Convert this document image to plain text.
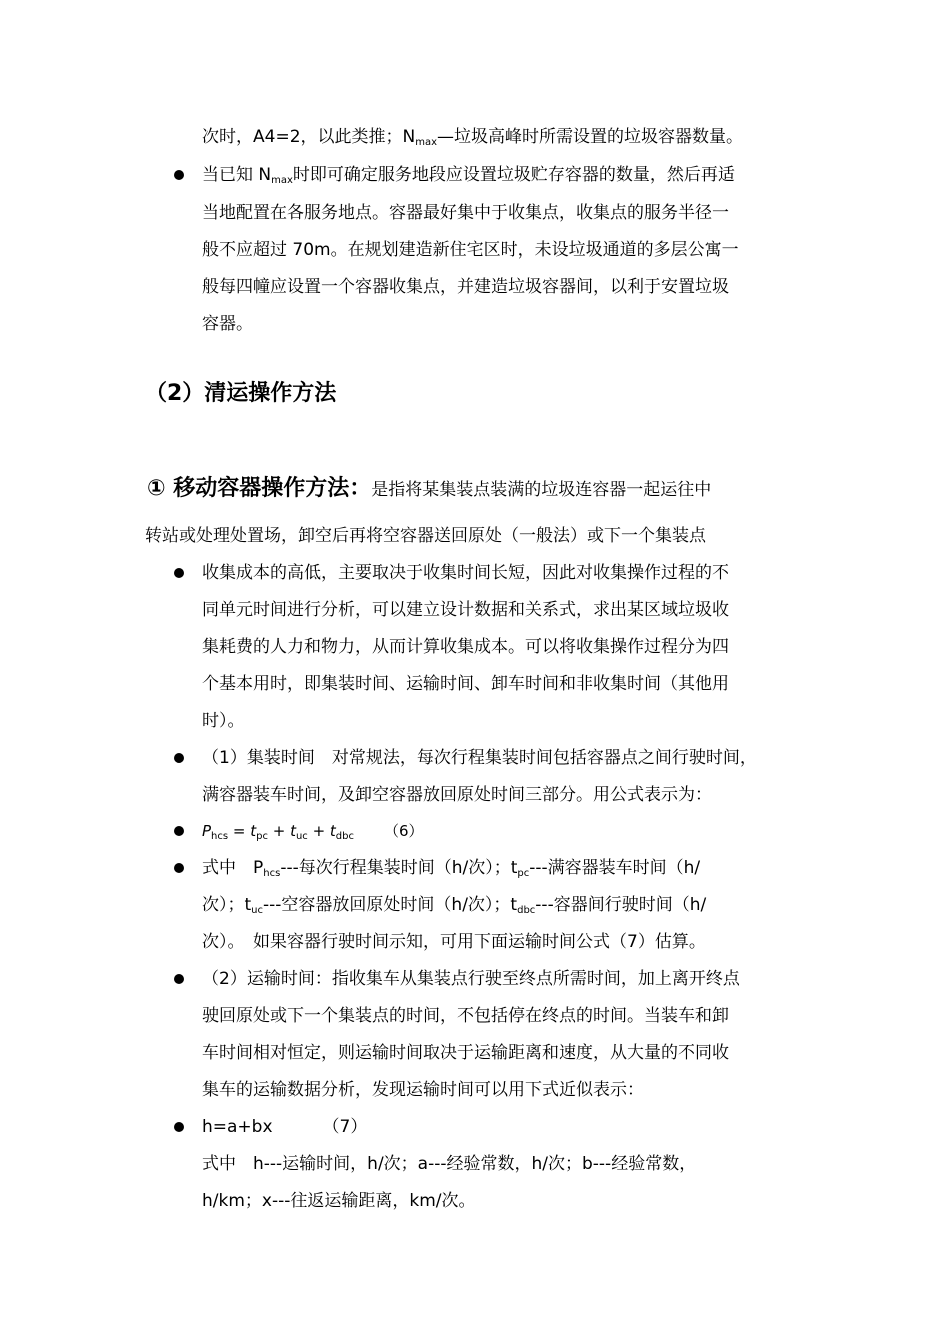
次时，A4=2，以此类推；$N_{max}—$垃圾高峰时所需设置的垃圾容器数量。
当已知 $N_{max}$时即可确定服务地段应设置垃圾贮存容器的数量，然后再适
当地配置在各服务地点。容器最好集中于收集点，收集点的服务半径一
般不应超过 70m。在规划建造新住宅区时，未设垃圾通道的多层公寓一
般每四幢应设置一个容器收集点，并建造垃圾容器间，以利于安置垃圾
容器。
（2）清运操作方法
① 移动容器操作方法：是指将某集装点装满的垃圾连容器一起运往中
转站或处理处置场，卸空后再将空容器送回原处（一般法）或下一个集装点
收集成本的高低，主要取决于收集时间长短，因此对收集操作过程的不
同单元时间进行分析，可以建立设计数据和关系式，求出某区域垃圾收
集耗费的人力和物力，从而计算收集成本。可以将收集操作过程分为四
个基本用时，即集装时间、运输时间、卸车时间和非收集时间（其他用
时）。
（1）集装时间　对常规法，每次行程集装时间包括容器点之间行驶时间，
满容器装车时间，及卸空容器放回原处时间三部分。用公式表示为：
$P_{hcs} = t_{pc} + t_{uc} + t_{dbc}$ （6）
式中　$P_{hcs}---$每次行程集装时间（h/次）；$t_{pc}---$满容器装车时间（h/
次）；$t_{uc}---$空容器放回原处时间（h/次）；$t_{dbc}---$容器间行驶时间（h/
次）。　如果容器行驶时间示知，可用下面运输时间公式（7）估算。
（2）运输时间：指收集车从集装点行驶至终点所需时间，加上离开终点
驶回原处或下一个集装点的时间，不包括停在终点的时间。当装车和卸
车时间相对恒定，则运输时间取决于运输距离和速度，从大量的不同收
集车的运输数据分析，发现运输时间可以用下式近似表示：
h=a+bx	（7）
式中　h---运输时间，h/次；a---经验常数，h/次；b---经验常数，
h/km；x---往返运输距离，km/次。
